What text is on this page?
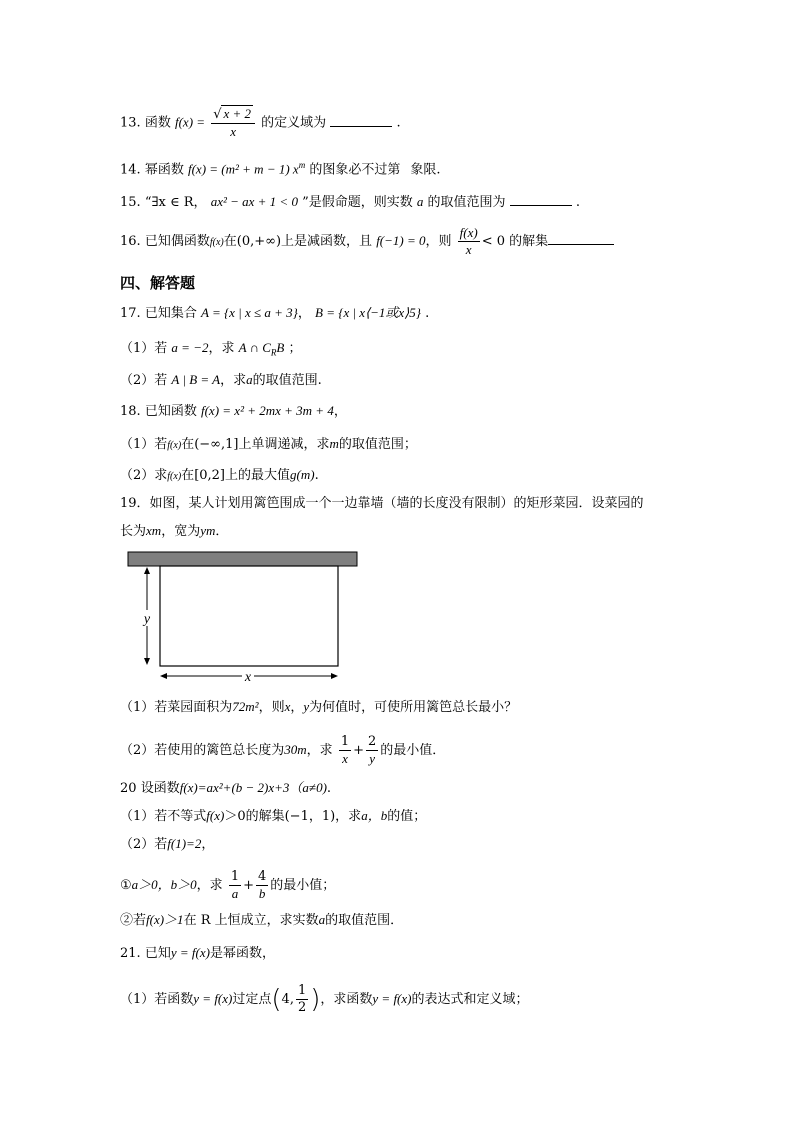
13. 函数 $f(x) = \frac{√ x + 2}{x}$ 的定义域为	.
14. 幂函数 f(x) = (m² + m − 1) $x^m$ 的图象必不过第 象限.
15. “∃x ∈ R， ax² − ax + 1 < 0 ”是假命题，则实数 a 的取值范围为	.
16. 已知偶函数f(x)在(0,+∞)上是减函数，且 f(−1) = 0，则 $\frac{f(x)}{x} < 0$ 的解集
四、解答题
17. 已知集合 A = {x | x ≤ a + 3}， B = {x | x⟨−1或x⟩5} .
（1）若 a = −2，求 A ∩ $C_RB$ ；
（2）若 A | B = A，求a的取值范围.
18. 已知函数 f(x) = x² + 2mx + 3m + 4，
（1）若f(x)在(−∞,1]上单调递减，求m的取值范围；
（2）求f(x)在[0,2]上的最大值g(m).
19．如图，某人计划用篱笆围成一个一边靠墙（墙的长度没有限制）的矩形菜园．设菜园的
长为xm，宽为ym．
y
x
（1）若菜园面积为72m²，则x，y为何值时，可使所用篱笆总长最小？
（2）若使用的篱笆总长度为30m，求 $\frac{1}{x} + \frac{2}{y}$ 的最小值．
20 设函数f(x)=ax²+(b − 2)x+3（a≠0).
（1）若不等式f(x)＞0的解集(−1，1)，求a，b的值；
（2）若f(1)=2，
①a＞0，b＞0，求 $\frac{1}{a} + \frac{4}{b}$ 的最小值；
②若f(x)＞1在 R 上恒成立，求实数a的取值范围．
21. 已知y = f(x)是幂函数，
（1）若函数y = f(x)过定点(4, $\frac{1}{2}$ )，求函数y = f(x)的表达式和定义域；
